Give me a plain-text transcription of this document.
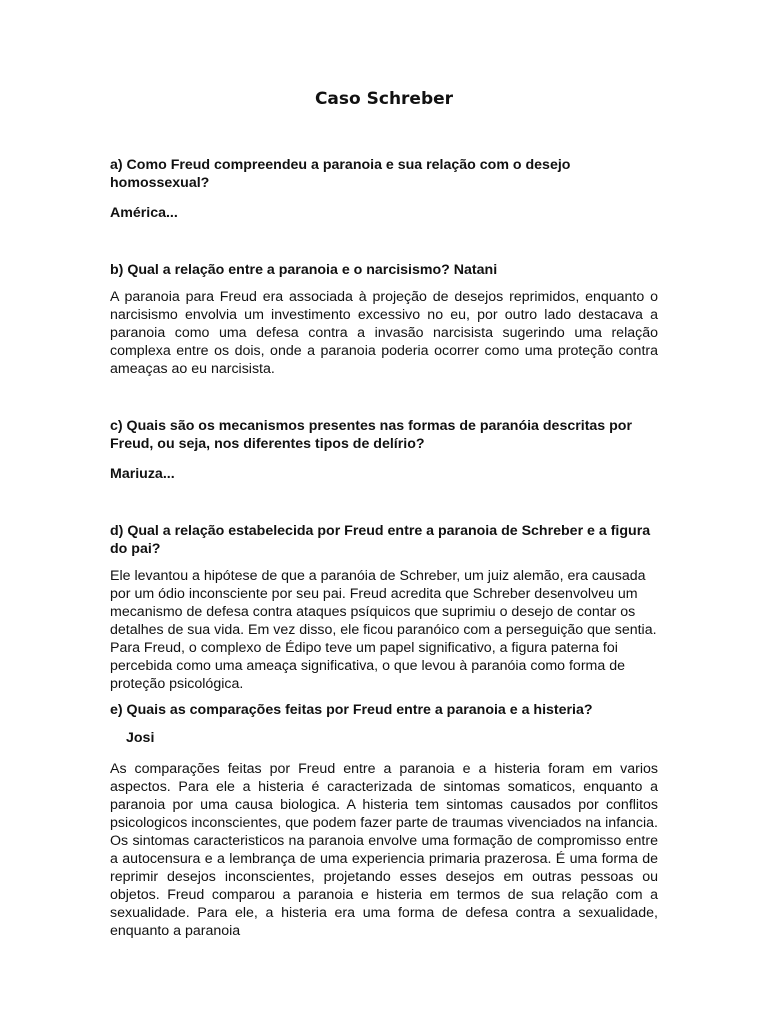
Caso Schreber

a) Como Freud compreendeu a paranoia e sua relação com o desejo homossexual?

América...

b) Qual a relação entre a paranoia e o narcisismo? Natani

A paranoia para Freud era associada à projeção de desejos reprimidos, enquanto o narcisismo envolvia um investimento excessivo no eu, por outro lado destacava a paranoia como uma defesa contra a invasão narcisista sugerindo uma relação complexa entre os dois, onde a paranoia poderia ocorrer como uma proteção contra ameaças ao eu narcisista.

c) Quais são os mecanismos presentes nas formas de paranóia descritas por Freud, ou seja, nos diferentes tipos de delírio?

Mariuza...

d) Qual a relação estabelecida por Freud entre a paranoia de Schreber e a figura do pai?

Ele levantou a hipótese de que a paranóia de Schreber, um juiz alemão, era causada por um ódio inconsciente por seu pai. Freud acredita que Schreber desenvolveu um mecanismo de defesa contra ataques psíquicos que suprimiu o desejo de contar os detalhes de sua vida. Em vez disso, ele ficou paranóico com a perseguição que sentia. Para Freud, o complexo de Édipo teve um papel significativo, a figura paterna foi percebida como uma ameaça significativa, o que levou à paranóia como forma de proteção psicológica.

e) Quais as comparações feitas por Freud entre a paranoia e a histeria?

Josi

As comparações feitas por Freud entre a paranoia e a histeria foram em varios aspectos. Para ele a histeria é caracterizada de sintomas somaticos, enquanto a paranoia por uma causa biologica. A histeria tem sintomas causados por conflitos psicologicos inconscientes, que podem fazer parte de traumas vivenciados na infancia. Os sintomas caracteristicos na paranoia envolve uma formação de compromisso entre a autocensura e a lembrança de uma experiencia primaria prazerosa. É uma forma de reprimir desejos inconscientes, projetando esses desejos em outras pessoas ou objetos. Freud comparou a paranoia e histeria em termos de sua relação com a sexualidade. Para ele, a histeria era uma forma de defesa contra a sexualidade, enquanto a paranoia
